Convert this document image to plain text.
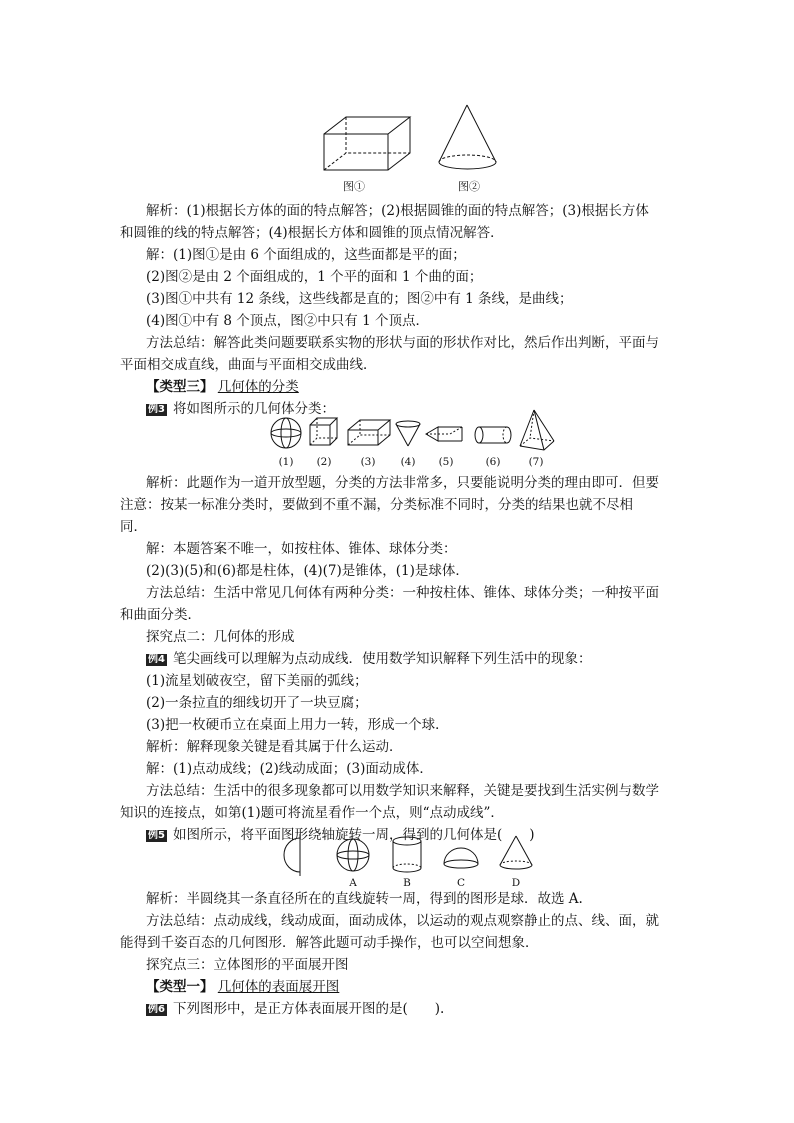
图①	图②
解析：(1)根据长方体的面的特点解答；(2)根据圆锥的面的特点解答；(3)根据长方体
和圆锥的线的特点解答；(4)根据长方体和圆锥的顶点情况解答．
解：(1)图①是由 6 个面组成的，这些面都是平的面；
(2)图②是由 2 个面组成的，1 个平的面和 1 个曲的面；
(3)图①中共有 12 条线，这些线都是直的；图②中有 1 条线，是曲线；
(4)图①中有 8 个顶点，图②中只有 1 个顶点．
方法总结：解答此类问题要联系实物的形状与面的形状作对比，然后作出判断，平面与
平面相交成直线，曲面与平面相交成曲线．
【类型三】 几何体的分类
例3 将如图所示的几何体分类：
(1) (2)	(3) (4) (5)	(6)	(7)
解析：此题作为一道开放型题，分类的方法非常多，只要能说明分类的理由即可．但要
注意：按某一标准分类时，要做到不重不漏，分类标准不同时，分类的结果也就不尽相
同．
解：本题答案不唯一，如按柱体、锥体、球体分类：
(2)(3)(5)和(6)都是柱体，(4)(7)是锥体，(1)是球体．
方法总结：生活中常见几何体有两种分类：一种按柱体、锥体、球体分类；一种按平面
和曲面分类．
探究点二：几何体的形成
例4 笔尖画线可以理解为点动成线．使用数学知识解释下列生活中的现象：
(1)流星划破夜空，留下美丽的弧线；
(2)一条拉直的细线切开了一块豆腐；
(3)把一枚硬币立在桌面上用力一转，形成一个球．
解析：解释现象关键是看其属于什么运动．
解：(1)点动成线；(2)线动成面；(3)面动成体．
方法总结：生活中的很多现象都可以用数学知识来解释，关键是要找到生活实例与数学
知识的连接点，如第(1)题可将流星看作一个点，则“点动成线”．
例5 如图所示，将平面图形绕轴旋转一周，得到的几何体是(　　)
A	B	C	D
解析：半圆绕其一条直径所在的直线旋转一周，得到的图形是球．故选 A.
方法总结：点动成线，线动成面，面动成体，以运动的观点观察静止的点、线、面，就
能得到千姿百态的几何图形．解答此题可动手操作，也可以空间想象．
探究点三：立体图形的平面展开图
【类型一】 几何体的表面展开图
例6 下列图形中，是正方体表面展开图的是(　　).
